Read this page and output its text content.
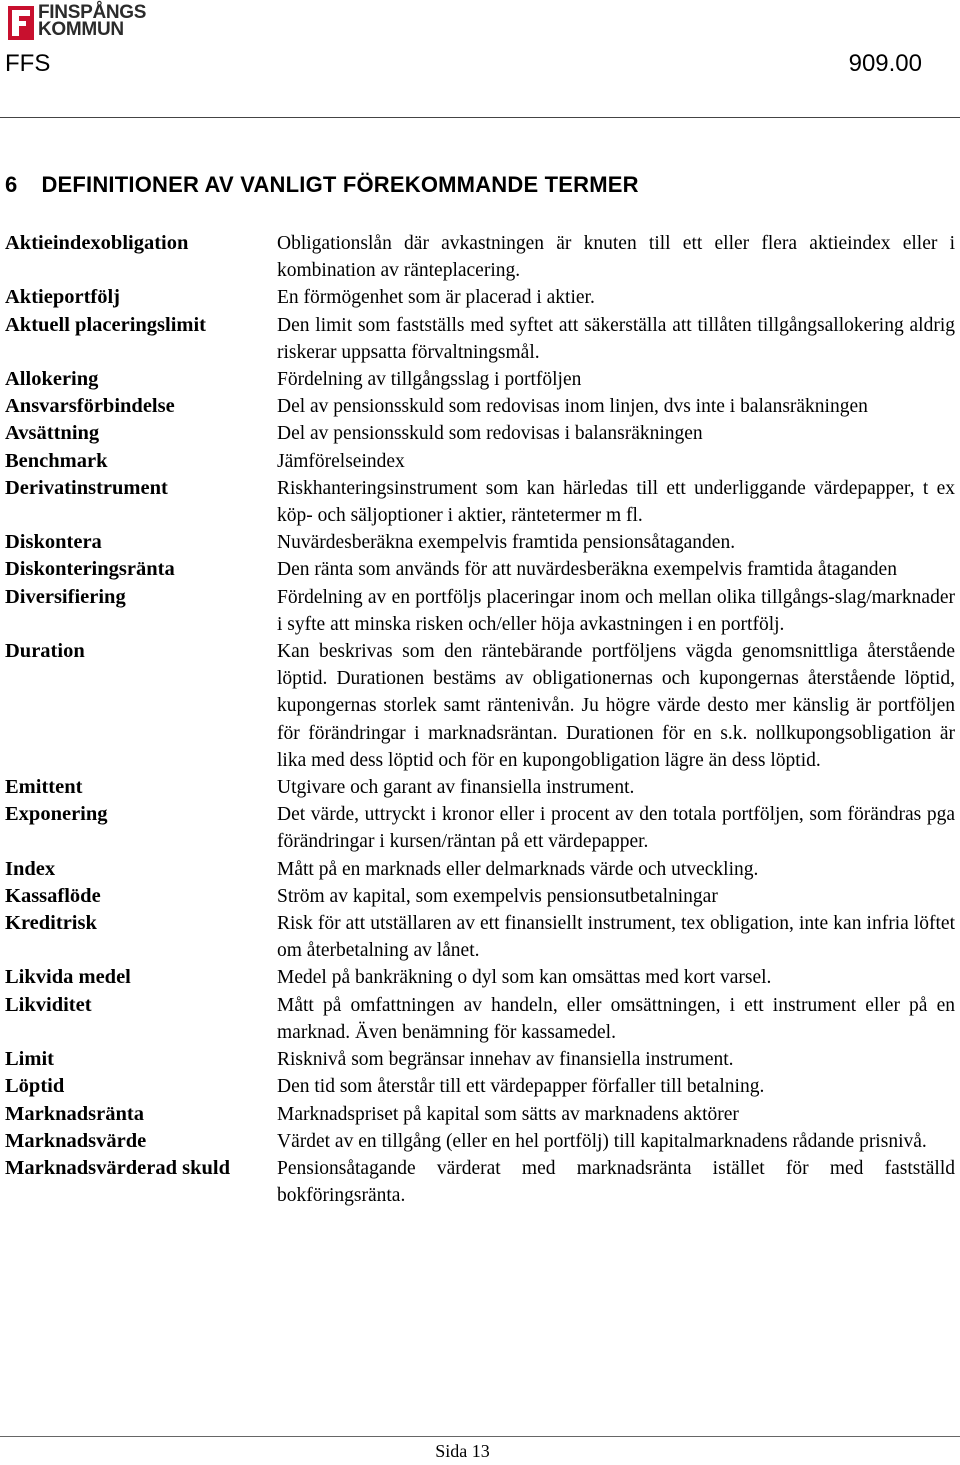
FINSPÅNGS
KOMMUN
FFS	909.00
6 DEFINITIONER AV VANLIGT FÖREKOMMANDE TERMER
Aktieindexobligation	Obligationslån där avkastningen är knuten till ett eller flera aktieindex eller i kombination av ränteplacering.
Aktieportfölj	En förmögenhet som är placerad i aktier.
Aktuell placeringslimit	Den limit som fastställs med syftet att säkerställa att tillåten tillgångsallokering aldrig riskerar uppsatta förvaltningsmål.
Allokering	Fördelning av tillgångsslag i portföljen
Ansvarsförbindelse	Del av pensionsskuld som redovisas inom linjen, dvs inte i balansräkningen
Avsättning	Del av pensionsskuld som redovisas i balansräkningen
Benchmark	Jämförelseindex
Derivatinstrument	Riskhanteringsinstrument som kan härledas till ett underliggande värdepapper, t ex köp- och säljoptioner i aktier, räntetermer m fl.
Diskontera	Nuvärdesberäkna exempelvis framtida pensionsåtaganden.
Diskonteringsränta	Den ränta som används för att nuvärdesberäkna exempelvis framtida åtaganden
Diversifiering	Fördelning av en portföljs placeringar inom och mellan olika tillgångs-slag/marknader i syfte att minska risken och/eller höja avkastningen i en portfölj.
Duration	Kan beskrivas som den räntebärande portföljens vägda genomsnittliga återstående löptid. Durationen bestäms av obligationernas och kupongernas återstående löptid, kupongernas storlek samt räntenivån. Ju högre värde desto mer känslig är portföljen för förändringar i marknadsräntan. Durationen för en s.k. nollkupongsobligation är lika med dess löptid och för en kupongobligation lägre än dess löptid.
Emittent	Utgivare och garant av finansiella instrument.
Exponering	Det värde, uttryckt i kronor eller i procent av den totala portföljen, som förändras pga förändringar i kursen/räntan på ett värdepapper.
Index	Mått på en marknads eller delmarknads värde och utveckling.
Kassaflöde	Ström av kapital, som exempelvis pensionsutbetalningar
Kreditrisk	Risk för att utställaren av ett finansiellt instrument, tex obligation, inte kan infria löftet om återbetalning av lånet.
Likvida medel	Medel på bankräkning o dyl som kan omsättas med kort varsel.
Likviditet	Mått på omfattningen av handeln, eller omsättningen, i ett instrument eller på en marknad. Även benämning för kassamedel.
Limit	Risknivå som begränsar innehav av finansiella instrument.
Löptid	Den tid som återstår till ett värdepapper förfaller till betalning.
Marknadsränta	Marknadspriset på kapital som sätts av marknadens aktörer
Marknadsvärde	Värdet av en tillgång (eller en hel portfölj) till kapitalmarknadens rådande prisnivå.
Marknadsvärderad skuld	Pensionsåtagande värderat med marknadsränta istället för med fastställd bokföringsränta.
Sida 13
